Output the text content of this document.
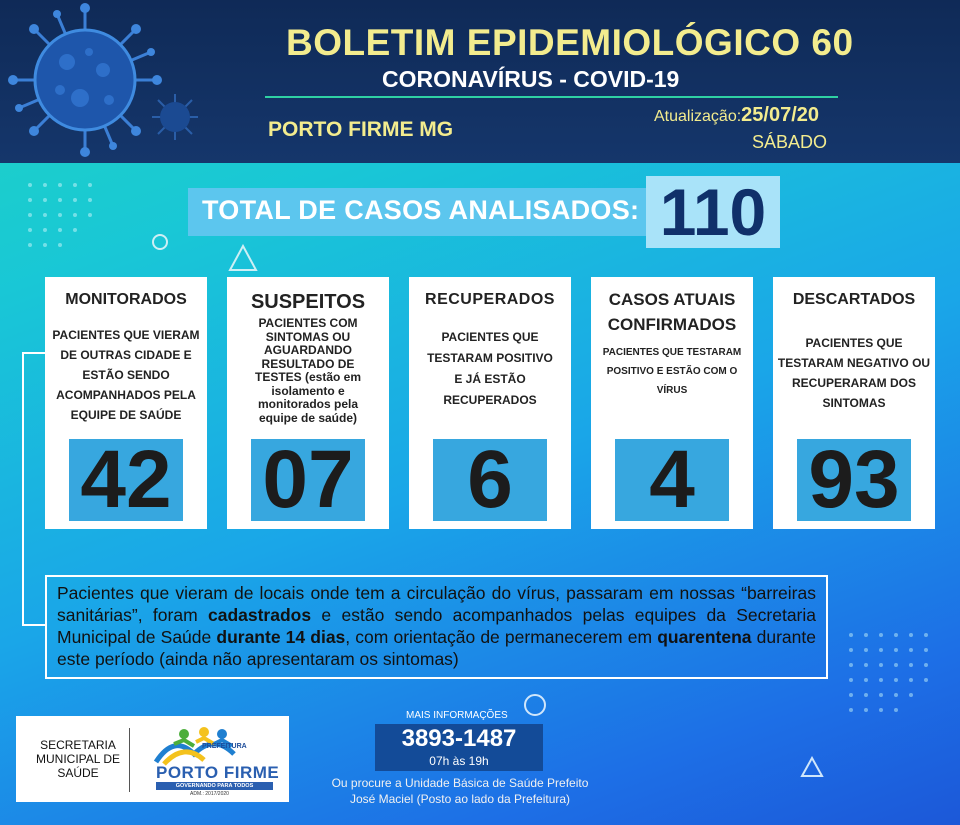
BOLETIM EPIDEMIOLÓGICO 60
CORONAVÍRUS - COVID-19
PORTO FIRME MG
Atualização:25/07/20
SÁBADO
TOTAL DE CASOS ANALISADOS: 110
MONITORADOS
PACIENTES QUE VIERAM DE OUTRAS CIDADE E ESTÃO SENDO ACOMPANHADOS PELA EQUIPE DE SAÚDE
42
SUSPEITOS
PACIENTES COM SINTOMAS OU AGUARDANDO RESULTADO DE TESTES (estão em isolamento e monitorados pela equipe de saúde)
07
RECUPERADOS
PACIENTES QUE TESTARAM POSITIVO E JÁ ESTÃO RECUPERADOS
6
CASOS ATUAIS CONFIRMADOS
PACIENTES QUE TESTARAM POSITIVO E ESTÃO COM O VÍRUS
4
DESCARTADOS
PACIENTES QUE TESTARAM NEGATIVO OU RECUPERARAM DOS SINTOMAS
93
Pacientes que vieram de locais onde tem a circulação do vírus, passaram em nossas “barreiras sanitárias”, foram cadastrados e estão sendo acompanhados pelas equipes da Secretaria Municipal de Saúde durante 14 dias, com orientação de permanecerem em quarentena durante este período (ainda não apresentaram os sintomas)
SECRETARIA MUNICIPAL DE SAÚDE
PREFEITURA
PORTO FIRME
GOVERNANDO PARA TODOS
ADM.: 2017/2020
MAIS INFORMAÇÕES
3893-1487
07h às 19h
Ou procure a Unidade Básica de Saúde Prefeito
José Maciel (Posto ao lado da Prefeitura)
